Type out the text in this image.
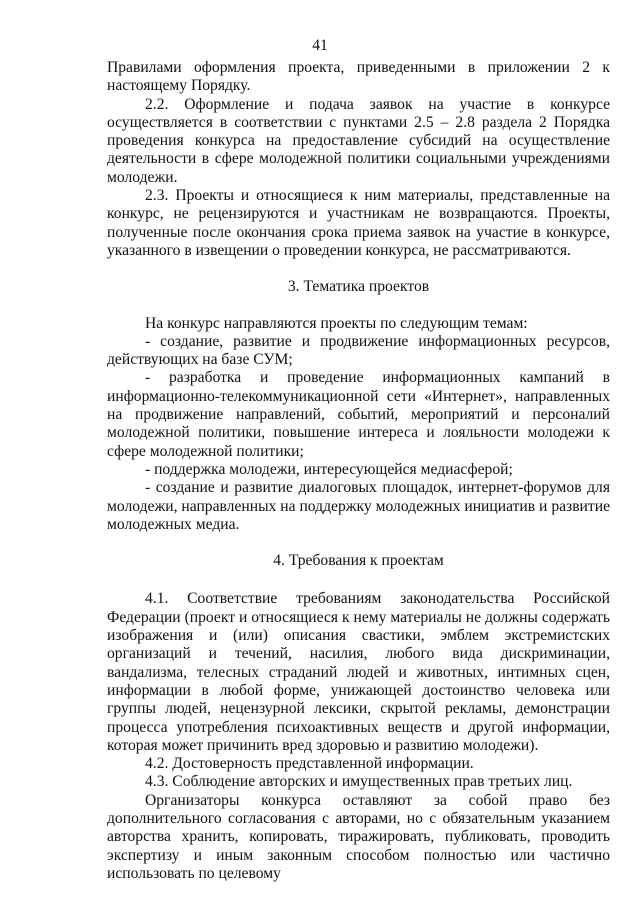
41

Правилами оформления проекта, приведенными в приложении 2 к настоящему Порядку.

2.2. Оформление и подача заявок на участие в конкурсе осуществляется в соответствии с пунктами 2.5 – 2.8 раздела 2 Порядка проведения конкурса на предоставление субсидий на осуществление деятельности в сфере молодежной политики социальными учреждениями молодежи.

2.3. Проекты и относящиеся к ним материалы, представленные на конкурс, не рецензируются и участникам не возвращаются. Проекты, полученные после окончания срока приема заявок на участие в конкурсе, указанного в извещении о проведении конкурса, не рассматриваются.

3. Тематика проектов

На конкурс направляются проекты по следующим темам:

- создание, развитие и продвижение информационных ресурсов, действующих на базе СУМ;

- разработка и проведение информационных кампаний в информационно-телекоммуникационной сети «Интернет», направленных на продвижение направлений, событий, мероприятий и персоналий молодежной политики, повышение интереса и лояльности молодежи к сфере молодежной политики;

- поддержка молодежи, интересующейся медиасферой;

- создание и развитие диалоговых площадок, интернет-форумов для молодежи, направленных на поддержку молодежных инициатив и развитие молодежных медиа.

4. Требования к проектам

4.1. Соответствие требованиям законодательства Российской Федерации (проект и относящиеся к нему материалы не должны содержать изображения и (или) описания свастики, эмблем экстремистских организаций и течений, насилия, любого вида дискриминации, вандализма, телесных страданий людей и животных, интимных сцен, информации в любой форме, унижающей достоинство человека или группы людей, нецензурной лексики, скрытой рекламы, демонстрации процесса употребления психоактивных веществ и другой информации, которая может причинить вред здоровью и развитию молодежи).

4.2. Достоверность представленной информации.

4.3. Соблюдение авторских и имущественных прав третьих лиц.

Организаторы конкурса оставляют за собой право без дополнительного согласования с авторами, но с обязательным указанием авторства хранить, копировать, тиражировать, публиковать, проводить экспертизу и иным законным способом полностью или частично использовать по целевому
